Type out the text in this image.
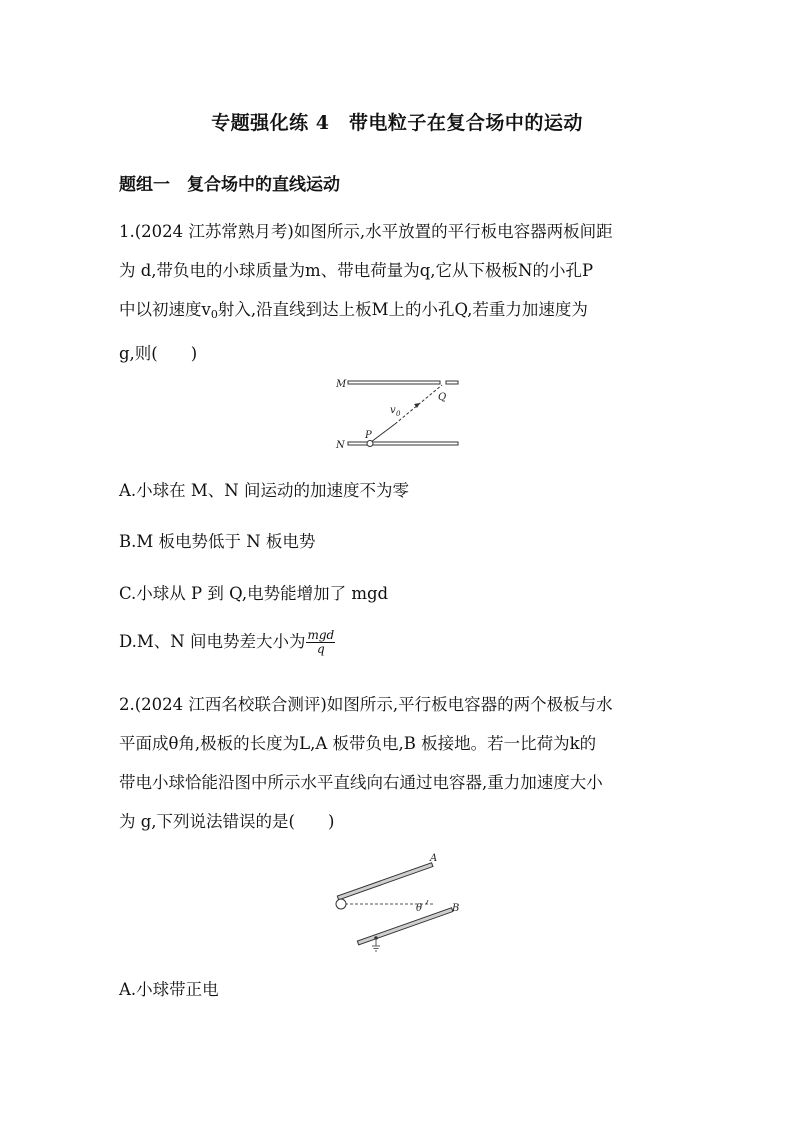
专题强化练 4　带电粒子在复合场中的运动
题组一　复合场中的直线运动

1.(2024 江苏常熟月考)如图所示,水平放置的平行板电容器两板间距

为 d,带负电的小球质量为m、带电荷量为q,它从下极板N的小孔P

中以初速度$v_0$射入,沿直线到达上板M上的小孔Q,若重力加速度为

g,则(　　)

M
N
P
Q
v 0
A.小球在 M、N 间运动的加速度不为零
B.M 板电势低于 N 板电势
C.小球从 P 到 Q,电势能增加了 mgd
D.M、N 间电势差大小为 $\frac{\text{mgd}}{q}$

2.(2024 江西名校联合测评)如图所示,平行板电容器的两个极板与水

平面成θ角,极板的长度为L,A 板带负电,B 板接地。若一比荷为k的

带电小球恰能沿图中所示水平直线向右通过电容器,重力加速度大小

为 g,下列说法错误的是(　　)

θ
A
B
A.小球带正电
